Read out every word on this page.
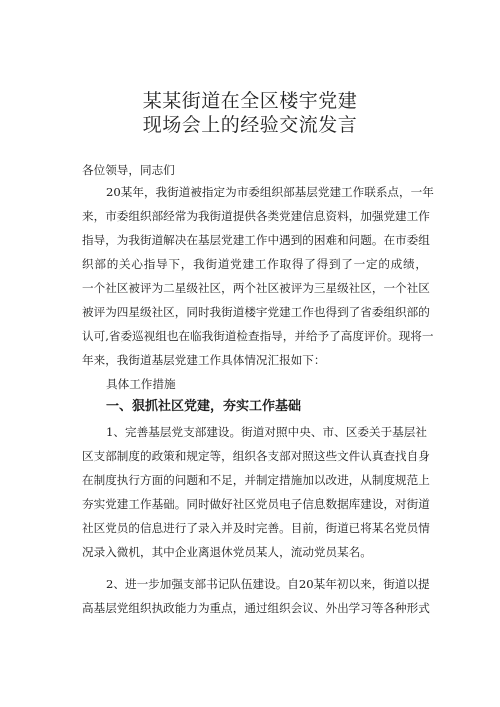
某某街道在全区楼宇党建
现场会上的经验交流发言
各位领导，同志们
20某年，我街道被指定为市委组织部基层党建工作联系点，一年
来，市委组织部经常为我街道提供各类党建信息资料，加强党建工作
指导，为我街道解决在基层党建工作中遇到的困难和问题。在市委组
织部的关心指导下，我街道党建工作取得了得到了一定的成绩，
一个社区被评为二星级社区，两个社区被评为三星级社区，一个社区
被评为四星级社区，同时我街道楼宇党建工作也得到了省委组织部的
认可,省委巡视组也在临我街道检查指导，并给予了高度评价。现将一
年来，我街道基层党建工作具体情况汇报如下：
具体工作措施
一、狠抓社区党建，夯实工作基础
1、完善基层党支部建设。街道对照中央、市、区委关于基层社
区支部制度的政策和规定等，组织各支部对照这些文件认真查找自身
在制度执行方面的问题和不足，并制定措施加以改进，从制度规范上
夯实党建工作基础。同时做好社区党员电子信息数据库建设，对街道
社区党员的信息进行了录入并及时完善。目前，街道已将某名党员情
况录入微机，其中企业离退休党员某人，流动党员某名。
2、进一步加强支部书记队伍建设。自20某年初以来，街道以提
高基层党组织执政能力为重点，通过组织会议、外出学习等各种形式
